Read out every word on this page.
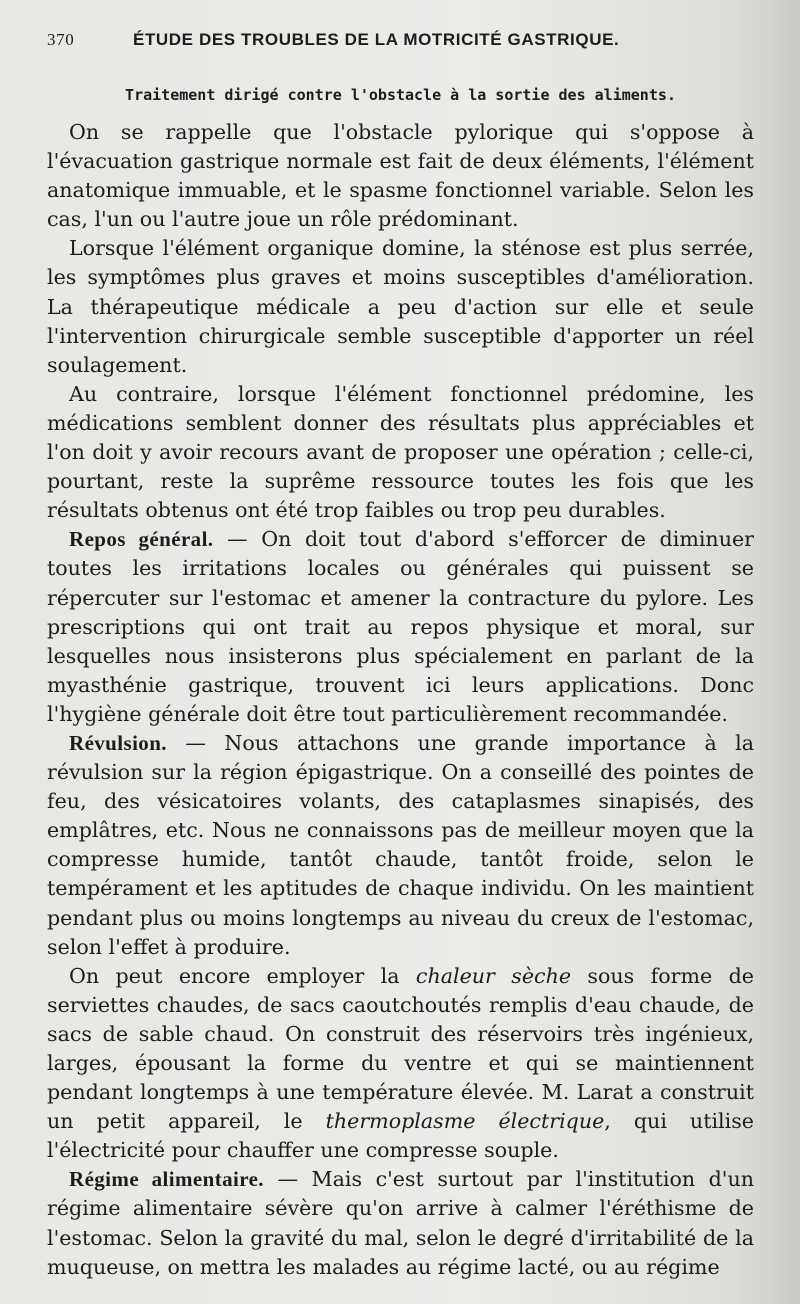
370	ÉTUDE DES TROUBLES DE LA MOTRICITÉ GASTRIQUE.
Traitement dirigé contre l'obstacle à la sortie des aliments.

On se rappelle que l'obstacle pylorique qui s'oppose à l'évacuation gastrique normale est fait de deux éléments, l'élément anatomique immuable, et le spasme fonctionnel variable. Selon les cas, l'un ou l'autre joue un rôle prédominant.

Lorsque l'élément organique domine, la sténose est plus serrée, les symptômes plus graves et moins susceptibles d'amélioration. La thérapeutique médicale a peu d'action sur elle et seule l'intervention chirurgicale semble susceptible d'apporter un réel soulagement.

Au contraire, lorsque l'élément fonctionnel prédomine, les médications semblent donner des résultats plus appréciables et l'on doit y avoir recours avant de proposer une opération ; celle-ci, pourtant, reste la suprême ressource toutes les fois que les résultats obtenus ont été trop faibles ou trop peu durables.

Repos général. — On doit tout d'abord s'efforcer de diminuer toutes les irritations locales ou générales qui puissent se répercuter sur l'estomac et amener la contracture du pylore. Les prescriptions qui ont trait au repos physique et moral, sur lesquelles nous insisterons plus spécialement en parlant de la myasthénie gastrique, trouvent ici leurs applications. Donc l'hygiène générale doit être tout particulièrement recommandée.

Révulsion. — Nous attachons une grande importance à la révulsion sur la région épigastrique. On a conseillé des pointes de feu, des vésicatoires volants, des cataplasmes sinapisés, des emplâtres, etc. Nous ne connaissons pas de meilleur moyen que la compresse humide, tantôt chaude, tantôt froide, selon le tempérament et les aptitudes de chaque individu. On les maintient pendant plus ou moins longtemps au niveau du creux de l'estomac, selon l'effet à produire.

On peut encore employer la chaleur sèche sous forme de serviettes chaudes, de sacs caoutchoutés remplis d'eau chaude, de sacs de sable chaud. On construit des réservoirs très ingénieux, larges, épousant la forme du ventre et qui se maintiennent pendant longtemps à une température élevée. M. Larat a construit un petit appareil, le thermoplasme électrique, qui utilise l'électricité pour chauffer une compresse souple.

Régime alimentaire. — Mais c'est surtout par l'institution d'un régime alimentaire sévère qu'on arrive à calmer l'éréthisme de l'estomac. Selon la gravité du mal, selon le degré d'irritabilité de la muqueuse, on mettra les malades au régime lacté, ou au régime
